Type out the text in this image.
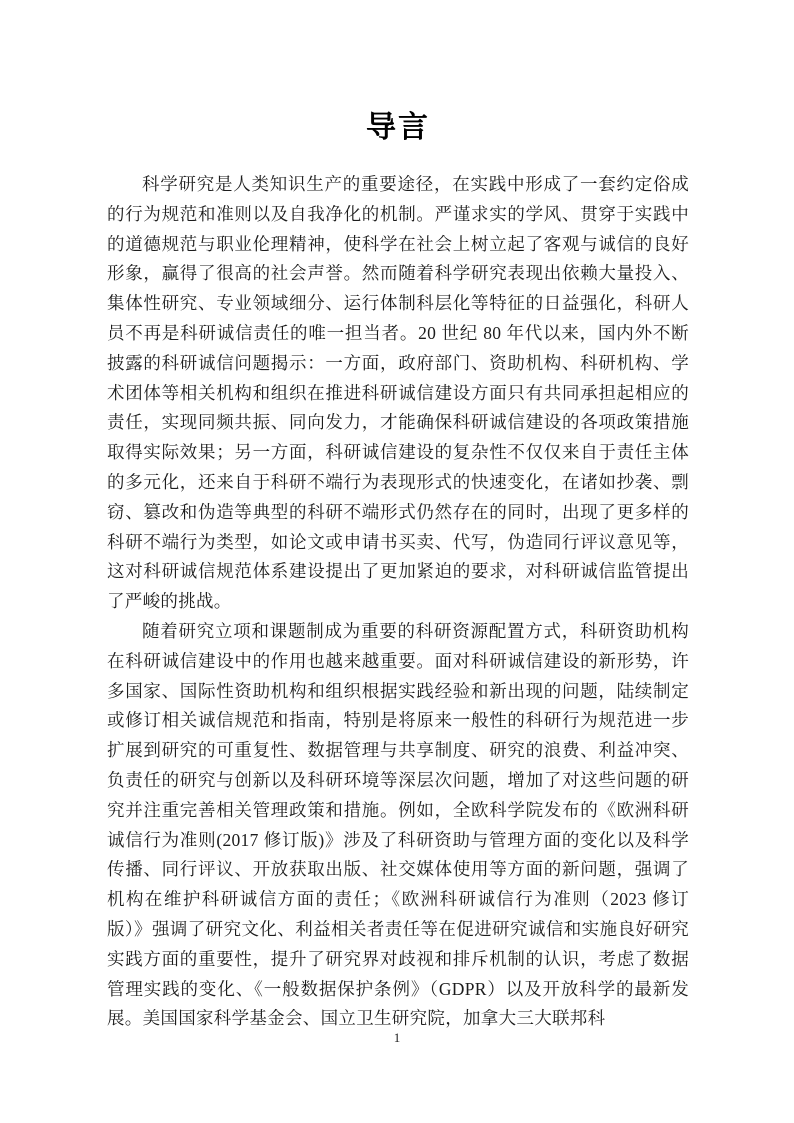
导言

科学研究是人类知识生产的重要途径，在实践中形成了一套约定俗成的行为规范和准则以及自我净化的机制。严谨求实的学风、贯穿于实践中的道德规范与职业伦理精神，使科学在社会上树立起了客观与诚信的良好形象，赢得了很高的社会声誉。然而随着科学研究表现出依赖大量投入、集体性研究、专业领域细分、运行体制科层化等特征的日益强化，科研人员不再是科研诚信责任的唯一担当者。20 世纪 80 年代以来，国内外不断披露的科研诚信问题揭示：一方面，政府部门、资助机构、科研机构、学术团体等相关机构和组织在推进科研诚信建设方面只有共同承担起相应的责任，实现同频共振、同向发力，才能确保科研诚信建设的各项政策措施取得实际效果；另一方面，科研诚信建设的复杂性不仅仅来自于责任主体的多元化，还来自于科研不端行为表现形式的快速变化，在诸如抄袭、剽窃、篡改和伪造等典型的科研不端形式仍然存在的同时，出现了更多样的科研不端行为类型，如论文或申请书买卖、代写，伪造同行评议意见等，这对科研诚信规范体系建设提出了更加紧迫的要求，对科研诚信监管提出了严峻的挑战。

随着研究立项和课题制成为重要的科研资源配置方式，科研资助机构在科研诚信建设中的作用也越来越重要。面对科研诚信建设的新形势，许多国家、国际性资助机构和组织根据实践经验和新出现的问题，陆续制定或修订相关诚信规范和指南，特别是将原来一般性的科研行为规范进一步扩展到研究的可重复性、数据管理与共享制度、研究的浪费、利益冲突、负责任的研究与创新以及科研环境等深层次问题，增加了对这些问题的研究并注重完善相关管理政策和措施。例如，全欧科学院发布的《欧洲科研诚信行为准则(2017 修订版)》涉及了科研资助与管理方面的变化以及科学传播、同行评议、开放获取出版、社交媒体使用等方面的新问题，强调了机构在维护科研诚信方面的责任；《欧洲科研诚信行为准则（2023 修订版）》强调了研究文化、利益相关者责任等在促进研究诚信和实施良好研究实践方面的重要性，提升了研究界对歧视和排斥机制的认识，考虑了数据管理实践的变化、《一般数据保护条例》（GDPR）以及开放科学的最新发展。美国国家科学基金会、国立卫生研究院，加拿大三大联邦科

1
